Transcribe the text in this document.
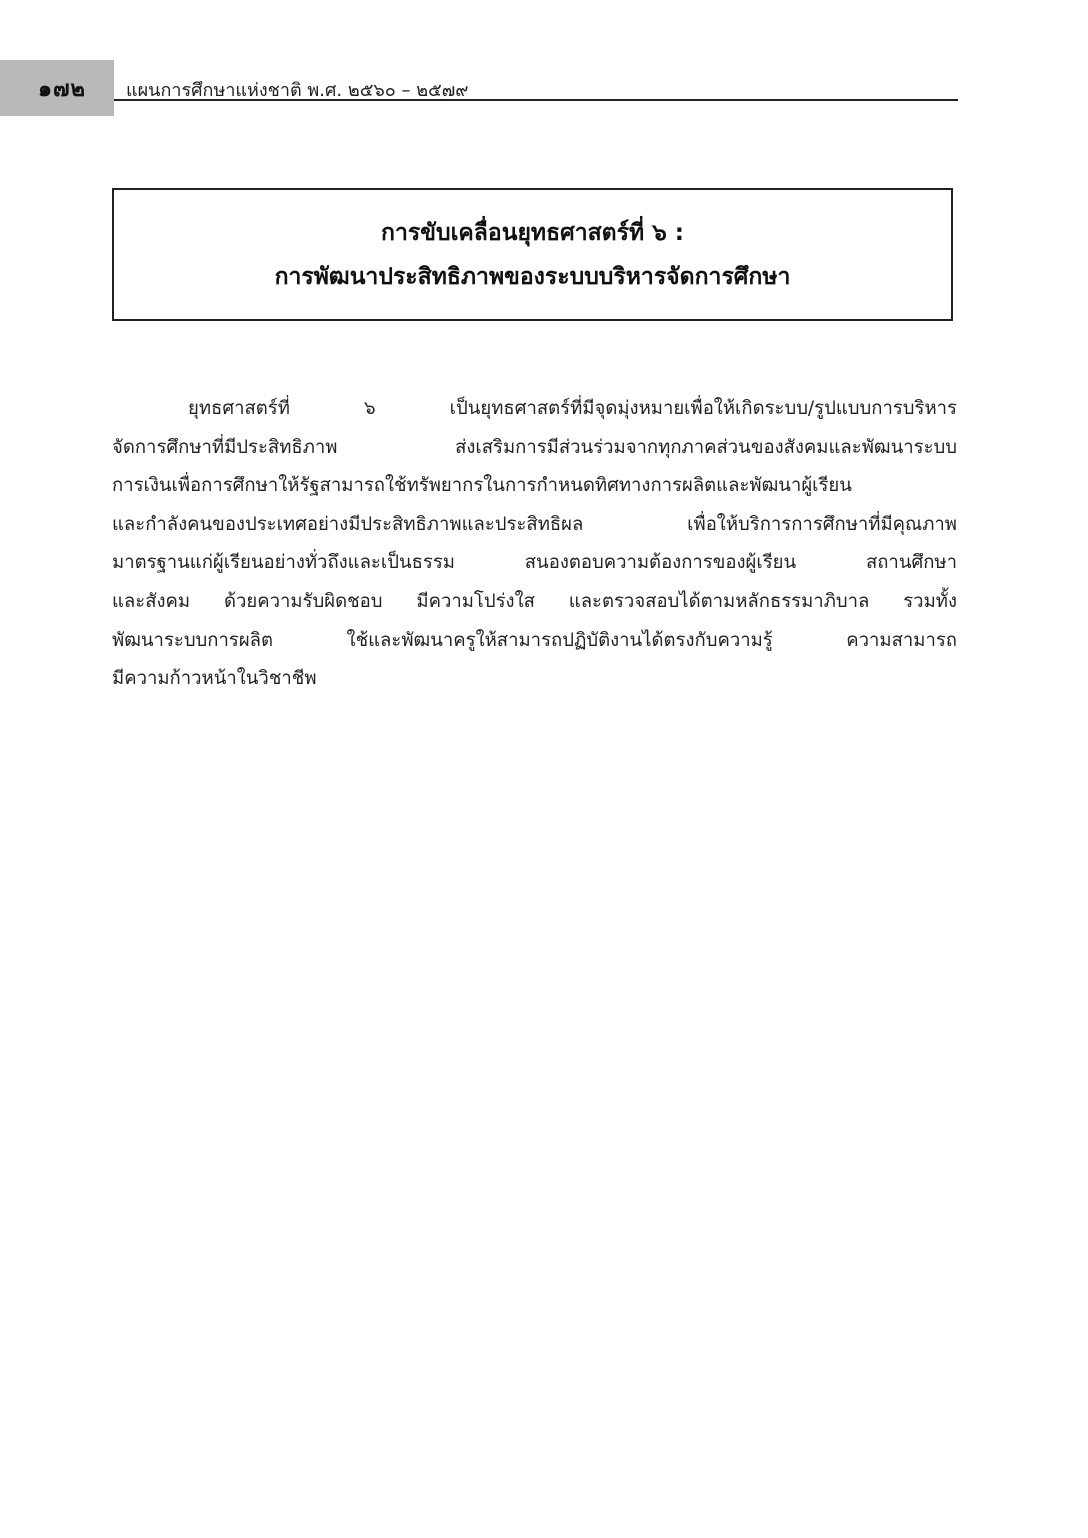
๑๗๒ แผนการศึกษาแห่งชาติ พ.ศ. ๒๕๖๐ – ๒๕๗๙
การขับเคลื่อนยุทธศาสตร์ที่ ๖ :
การพัฒนาประสิทธิภาพของระบบบริหารจัดการศึกษา
ยุทธศาสตร์ที่ ๖ เป็นยุทธศาสตร์ที่มีจุดมุ่งหมายเพื่อให้เกิดระบบ/รูปแบบการบริหาร
จัดการศึกษาที่มีประสิทธิภาพ ส่งเสริมการมีส่วนร่วมจากทุกภาคส่วนของสังคมและพัฒนาระบบ
การเงินเพื่อการศึกษาให้รัฐสามารถใช้ทรัพยากรในการกำหนดทิศทางการผลิตและพัฒนาผู้เรียน
และกำลังคนของประเทศอย่างมีประสิทธิภาพและประสิทธิผล เพื่อให้บริการการศึกษาที่มีคุณภาพ
มาตรฐานแก่ผู้เรียนอย่างทั่วถึงและเป็นธรรม สนองตอบความต้องการของผู้เรียน สถานศึกษา
และสังคม ด้วยความรับผิดชอบ มีความโปร่งใส และตรวจสอบได้ตามหลักธรรมาภิบาล รวมทั้ง
พัฒนาระบบการผลิต ใช้และพัฒนาครูให้สามารถปฏิบัติงานได้ตรงกับความรู้ ความสามารถ
มีความก้าวหน้าในวิชาชีพ
